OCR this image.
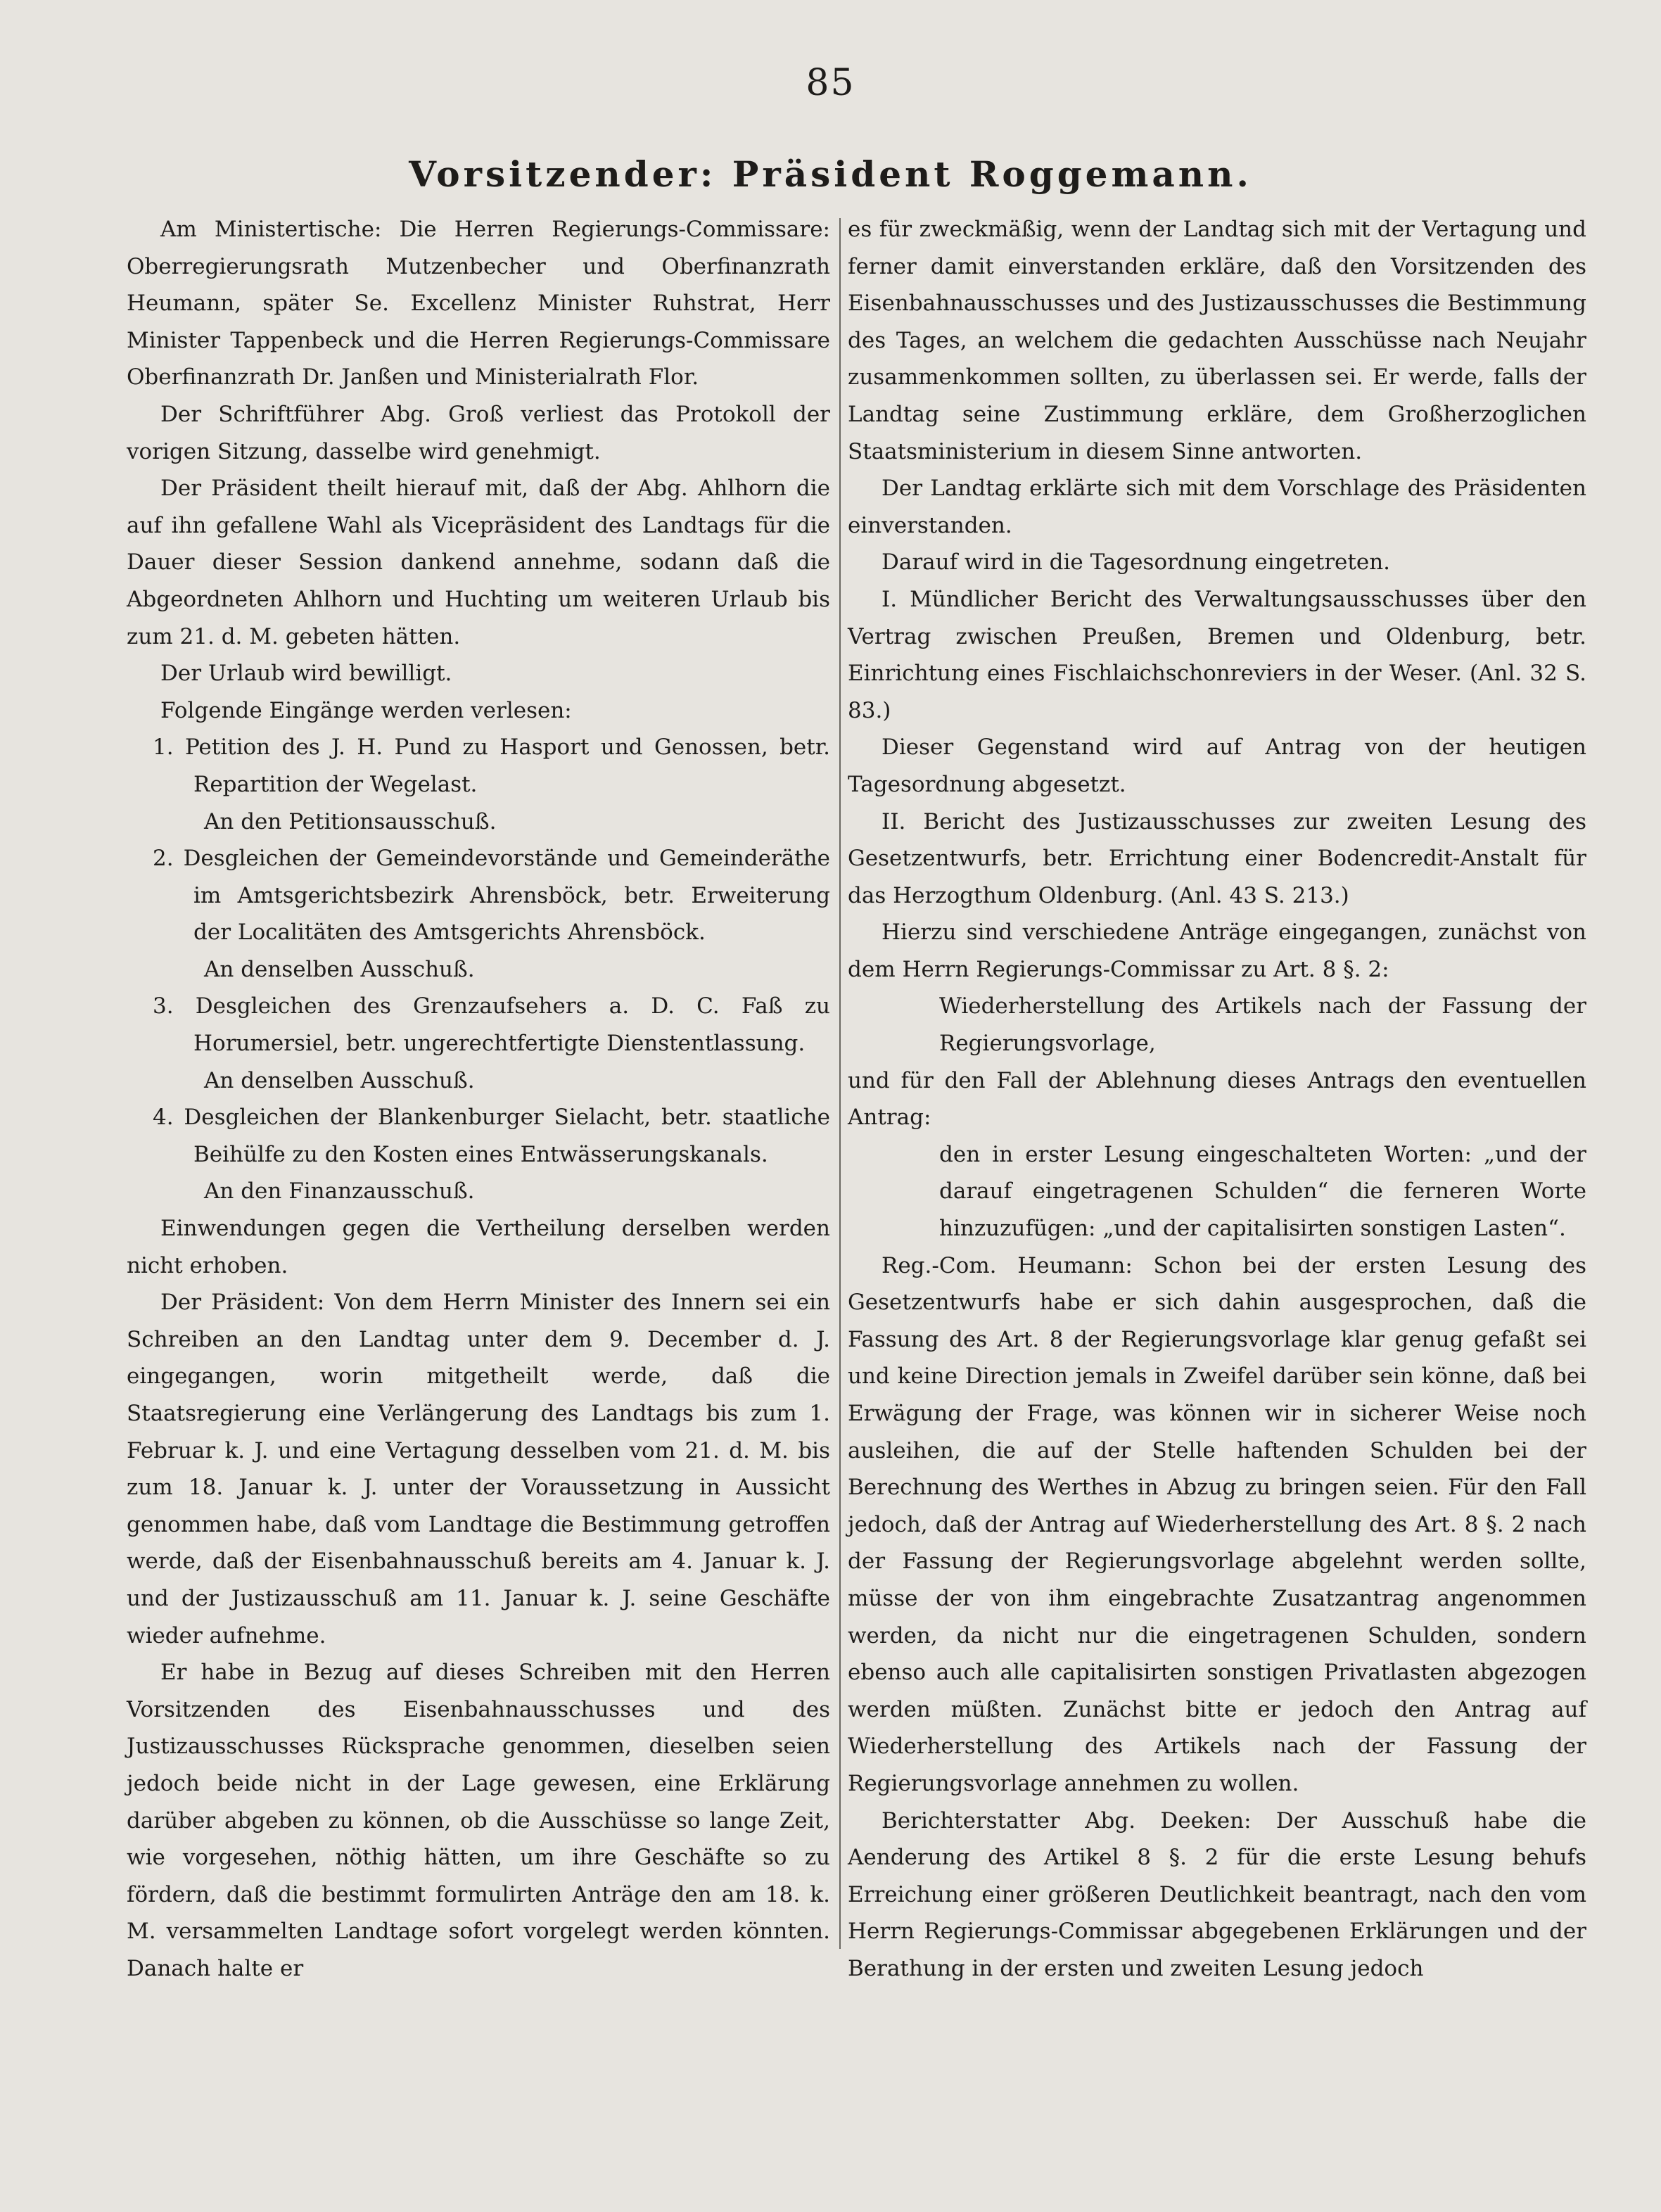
85
Vorsitzender: Präsident Roggemann.

Am Ministertische: Die Herren Regierungs-Commissare: Oberregierungsrath Mutzenbecher und Oberfinanzrath Heumann, später Se. Excellenz Minister Ruhstrat, Herr Minister Tappenbeck und die Herren Regierungs-Commissare Oberfinanzrath Dr. Janßen und Ministerialrath Flor.

Der Schriftführer Abg. Groß verliest das Protokoll der vorigen Sitzung, dasselbe wird genehmigt.

Der Präsident theilt hierauf mit, daß der Abg. Ahlhorn die auf ihn gefallene Wahl als Vicepräsident des Landtags für die Dauer dieser Session dankend annehme, sodann daß die Abgeordneten Ahlhorn und Huchting um weiteren Urlaub bis zum 21. d. M. gebeten hätten.

Der Urlaub wird bewilligt.

Folgende Eingänge werden verlesen:

1. Petition des J. H. Pund zu Hasport und Genossen, betr. Repartition der Wegelast.

An den Petitionsausschuß.

2. Desgleichen der Gemeindevorstände und Gemeinderäthe im Amtsgerichtsbezirk Ahrensböck, betr. Erweiterung der Localitäten des Amtsgerichts Ahrensböck.

An denselben Ausschuß.

3. Desgleichen des Grenzaufsehers a. D. C. Faß zu Horumersiel, betr. ungerechtfertigte Dienstentlassung.

An denselben Ausschuß.

4. Desgleichen der Blankenburger Sielacht, betr. staatliche Beihülfe zu den Kosten eines Entwässerungskanals.

An den Finanzausschuß.

Einwendungen gegen die Vertheilung derselben werden nicht erhoben.

Der Präsident: Von dem Herrn Minister des Innern sei ein Schreiben an den Landtag unter dem 9. December d. J. eingegangen, worin mitgetheilt werde, daß die Staatsregierung eine Verlängerung des Landtags bis zum 1. Februar k. J. und eine Vertagung desselben vom 21. d. M. bis zum 18. Januar k. J. unter der Voraussetzung in Aussicht genommen habe, daß vom Landtage die Bestimmung getroffen werde, daß der Eisenbahnausschuß bereits am 4. Januar k. J. und der Justizausschuß am 11. Januar k. J. seine Geschäfte wieder aufnehme.

Er habe in Bezug auf dieses Schreiben mit den Herren Vorsitzenden des Eisenbahnausschusses und des Justizausschusses Rücksprache genommen, dieselben seien jedoch beide nicht in der Lage gewesen, eine Erklärung darüber abgeben zu können, ob die Ausschüsse so lange Zeit, wie vorgesehen, nöthig hätten, um ihre Geschäfte so zu fördern, daß die bestimmt formulirten Anträge den am 18. k. M. versammelten Landtage sofort vorgelegt werden könnten. Danach halte er

es für zweckmäßig, wenn der Landtag sich mit der Vertagung und ferner damit einverstanden erkläre, daß den Vorsitzenden des Eisenbahnausschusses und des Justizausschusses die Bestimmung des Tages, an welchem die gedachten Ausschüsse nach Neujahr zusammenkommen sollten, zu überlassen sei. Er werde, falls der Landtag seine Zustimmung erkläre, dem Großherzoglichen Staatsministerium in diesem Sinne antworten.

Der Landtag erklärte sich mit dem Vorschlage des Präsidenten einverstanden.

Darauf wird in die Tagesordnung eingetreten.

I. Mündlicher Bericht des Verwaltungsausschusses über den Vertrag zwischen Preußen, Bremen und Oldenburg, betr. Einrichtung eines Fischlaichschonreviers in der Weser. (Anl. 32 S. 83.)

Dieser Gegenstand wird auf Antrag von der heutigen Tagesordnung abgesetzt.

II. Bericht des Justizausschusses zur zweiten Lesung des Gesetzentwurfs, betr. Errichtung einer Bodencredit-Anstalt für das Herzogthum Oldenburg. (Anl. 43 S. 213.)

Hierzu sind verschiedene Anträge eingegangen, zunächst von dem Herrn Regierungs-Commissar zu Art. 8 §. 2:

Wiederherstellung des Artikels nach der Fassung der Regierungsvorlage,

und für den Fall der Ablehnung dieses Antrags den eventuellen Antrag:

den in erster Lesung eingeschalteten Worten: „und der darauf eingetragenen Schulden“ die ferneren Worte hinzuzufügen: „und der capitalisirten sonstigen Lasten“.

Reg.-Com. Heumann: Schon bei der ersten Lesung des Gesetzentwurfs habe er sich dahin ausgesprochen, daß die Fassung des Art. 8 der Regierungsvorlage klar genug gefaßt sei und keine Direction jemals in Zweifel darüber sein könne, daß bei Erwägung der Frage, was können wir in sicherer Weise noch ausleihen, die auf der Stelle haftenden Schulden bei der Berechnung des Werthes in Abzug zu bringen seien. Für den Fall jedoch, daß der Antrag auf Wiederherstellung des Art. 8 §. 2 nach der Fassung der Regierungsvorlage abgelehnt werden sollte, müsse der von ihm eingebrachte Zusatzantrag angenommen werden, da nicht nur die eingetragenen Schulden, sondern ebenso auch alle capitalisirten sonstigen Privatlasten abgezogen werden müßten. Zunächst bitte er jedoch den Antrag auf Wiederherstellung des Artikels nach der Fassung der Regierungsvorlage annehmen zu wollen.

Berichterstatter Abg. Deeken: Der Ausschuß habe die Aenderung des Artikel 8 §. 2 für die erste Lesung behufs Erreichung einer größeren Deutlichkeit beantragt, nach den vom Herrn Regierungs-Commissar abgegebenen Erklärungen und der Berathung in der ersten und zweiten Lesung jedoch
